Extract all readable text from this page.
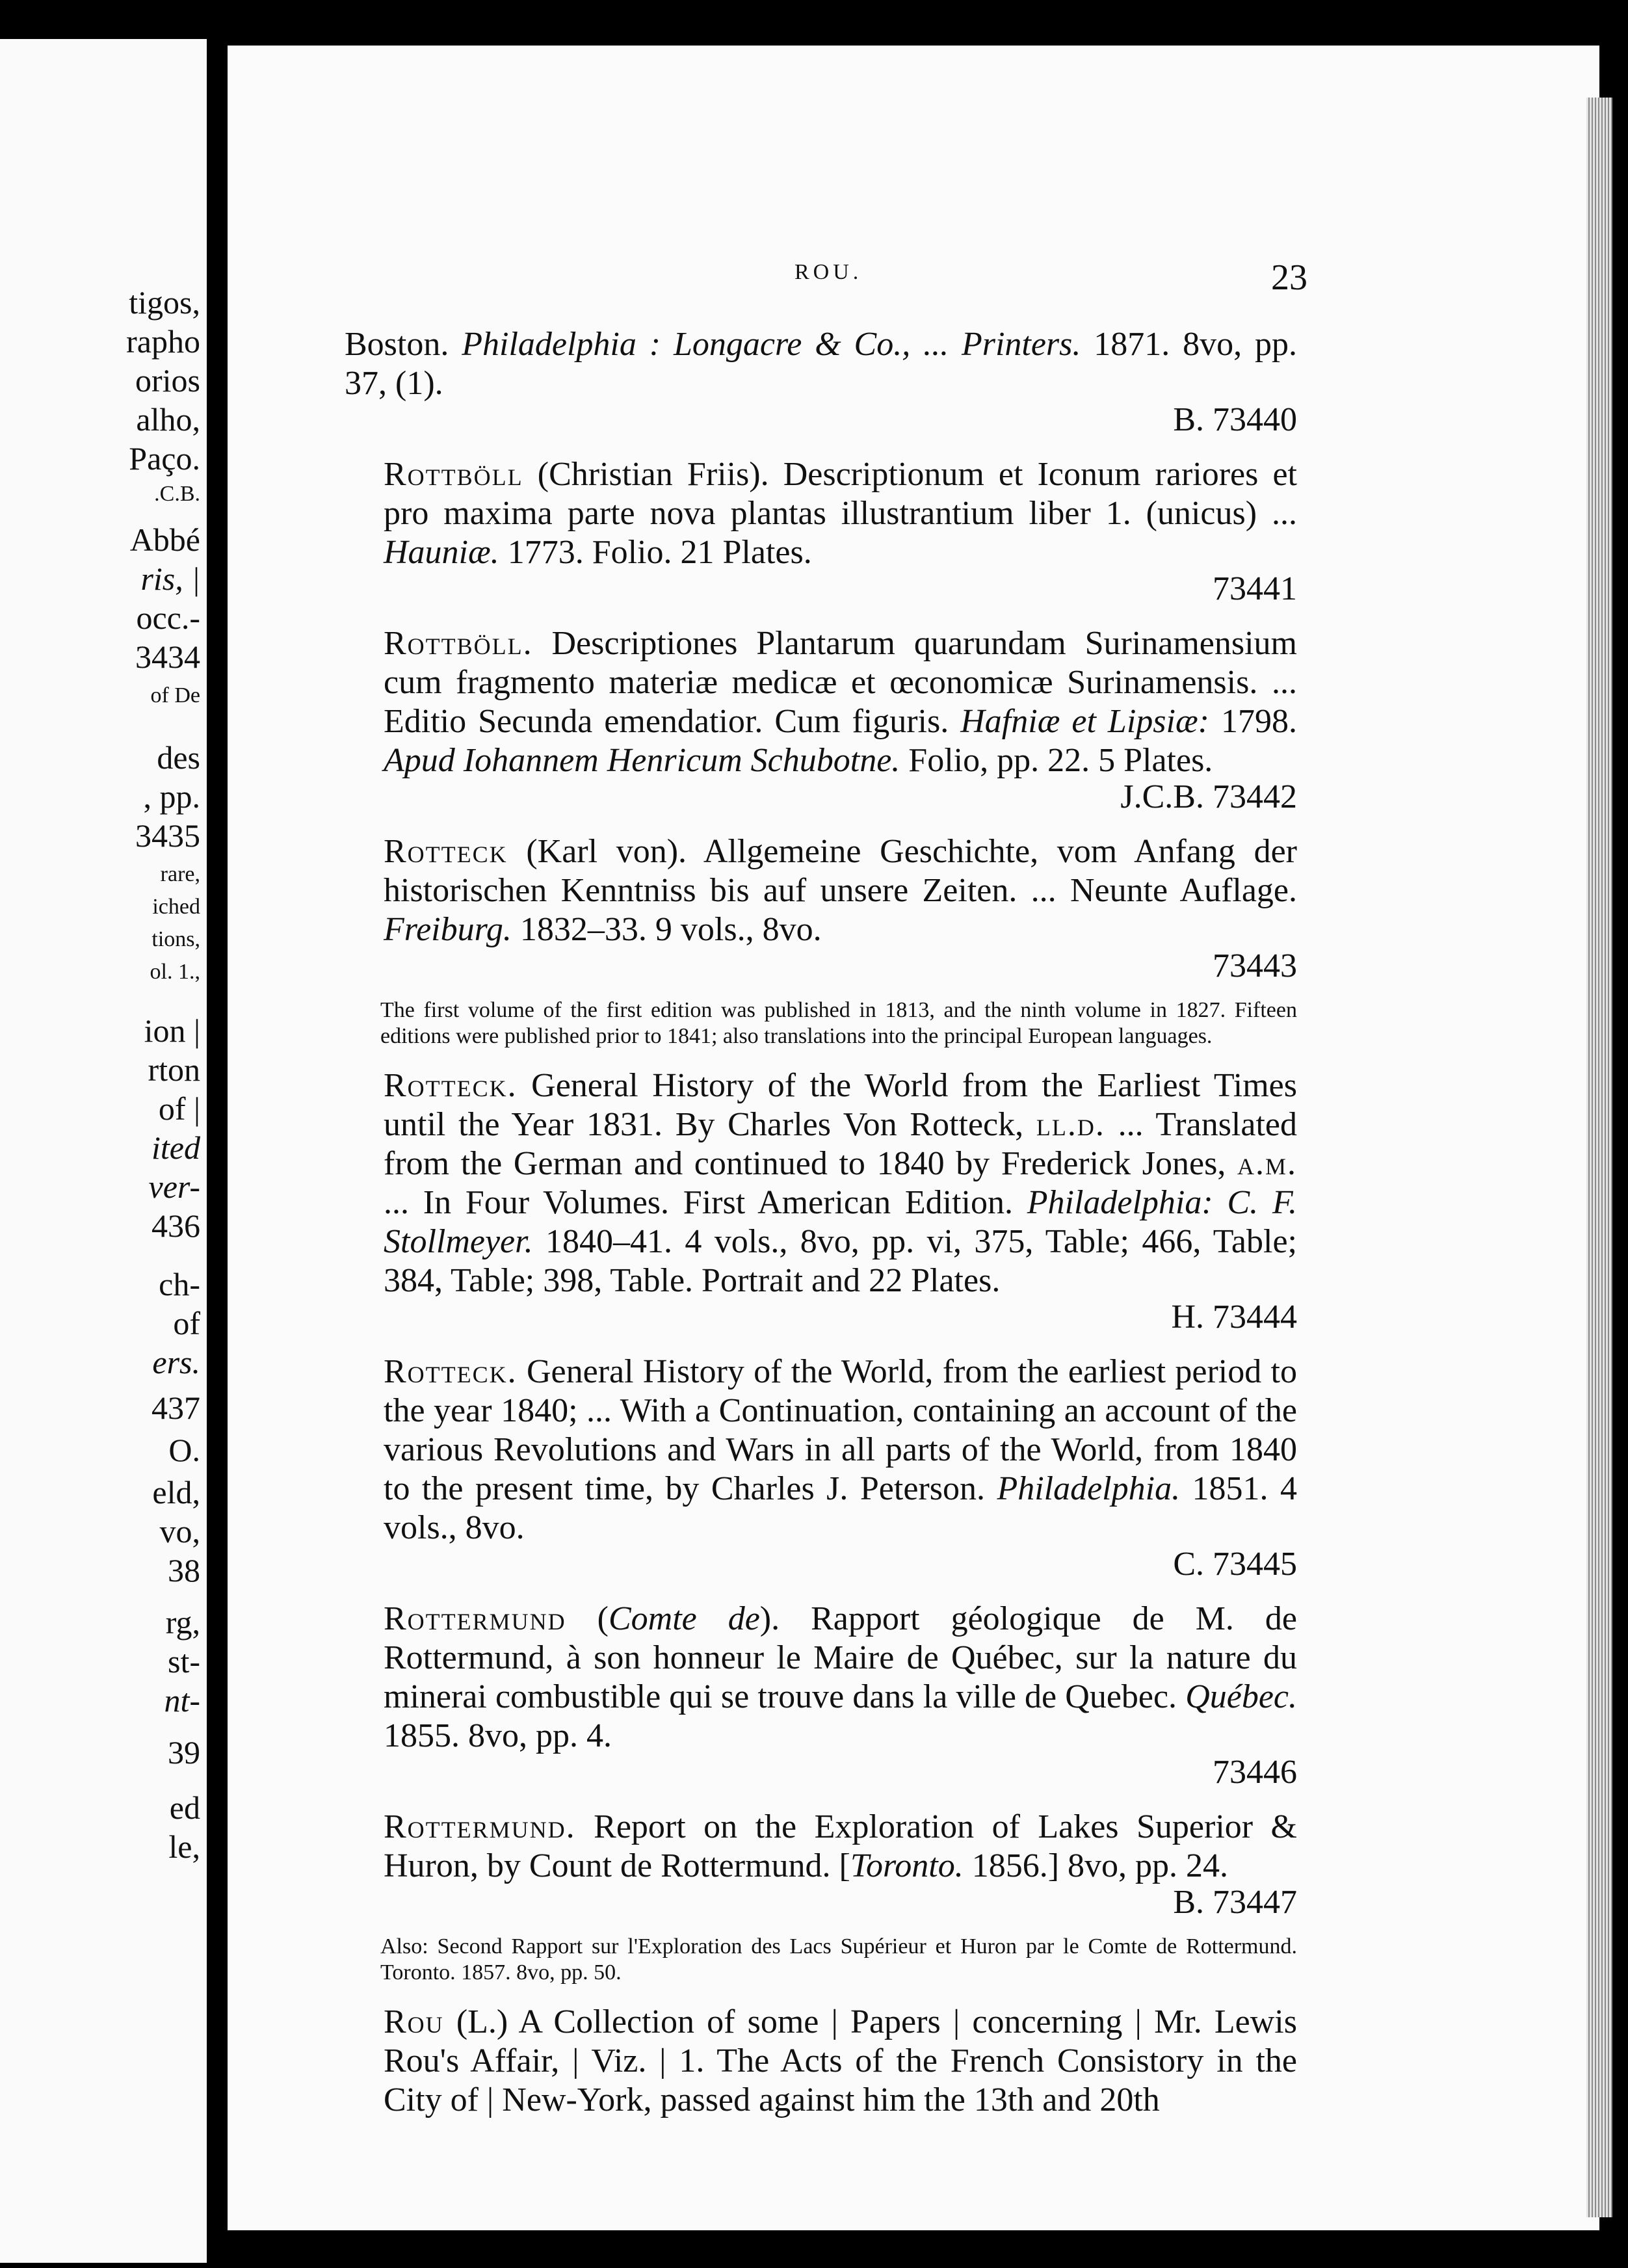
tigos,
rapho
orios
alho,
Paço.
.C.B.
Abbé
ris, |
occ.-
3434
of De
des
, pp.
3435
rare,
iched
tions,
ol. 1.,
ion |
rton
of |
ited
ver-
436
ch-
of
ers.
437
O.
eld,
vo,
38
rg,
st-
nt-
39
ed
le,
ROU.	23
Boston. Philadelphia : Longacre & Co., ... Printers. 1871. 8vo, pp. 37, (1).
B. 73440
Rottböll (Christian Friis). Descriptionum et Iconum rariores et pro maxima parte nova plantas illustrantium liber 1. (unicus) ... Hauniæ. 1773. Folio. 21 Plates.
73441
Rottböll. Descriptiones Plantarum quarundam Surinamensium cum fragmento materiæ medicæ et œconomicæ Surinamensis. ... Editio Secunda emendatior. Cum figuris. Hafniæ et Lipsiæ: 1798. Apud Iohannem Henricum Schubotne. Folio, pp. 22. 5 Plates.
J.C.B. 73442
Rotteck (Karl von). Allgemeine Geschichte, vom Anfang der historischen Kenntniss bis auf unsere Zeiten. ... Neunte Auflage. Freiburg. 1832–33. 9 vols., 8vo.
73443
The first volume of the first edition was published in 1813, and the ninth volume in 1827. Fifteen editions were published prior to 1841; also translations into the principal European languages.
Rotteck. General History of the World from the Earliest Times until the Year 1831. By Charles Von Rotteck, ll.d. ... Translated from the German and continued to 1840 by Frederick Jones, a.m. ... In Four Volumes. First American Edition. Philadelphia: C. F. Stollmeyer. 1840–41. 4 vols., 8vo, pp. vi, 375, Table; 466, Table; 384, Table; 398, Table. Portrait and 22 Plates.
H. 73444
Rotteck. General History of the World, from the earliest period to the year 1840; ... With a Continuation, containing an account of the various Revolutions and Wars in all parts of the World, from 1840 to the present time, by Charles J. Peterson. Philadelphia. 1851. 4 vols., 8vo.
C. 73445
Rottermund (Comte de). Rapport géologique de M. de Rottermund, à son honneur le Maire de Québec, sur la nature du minerai combustible qui se trouve dans la ville de Quebec. Québec. 1855. 8vo, pp. 4.
73446
Rottermund. Report on the Exploration of Lakes Superior & Huron, by Count de Rottermund. [Toronto. 1856.] 8vo, pp. 24.
B. 73447
Also: Second Rapport sur l'Exploration des Lacs Supérieur et Huron par le Comte de Rottermund. Toronto. 1857. 8vo, pp. 50.
Rou (L.) A Collection of some | Papers | concerning | Mr. Lewis Rou's Affair, | Viz. | 1. The Acts of the French Consistory in the City of | New-York, passed against him the 13th and 20th
